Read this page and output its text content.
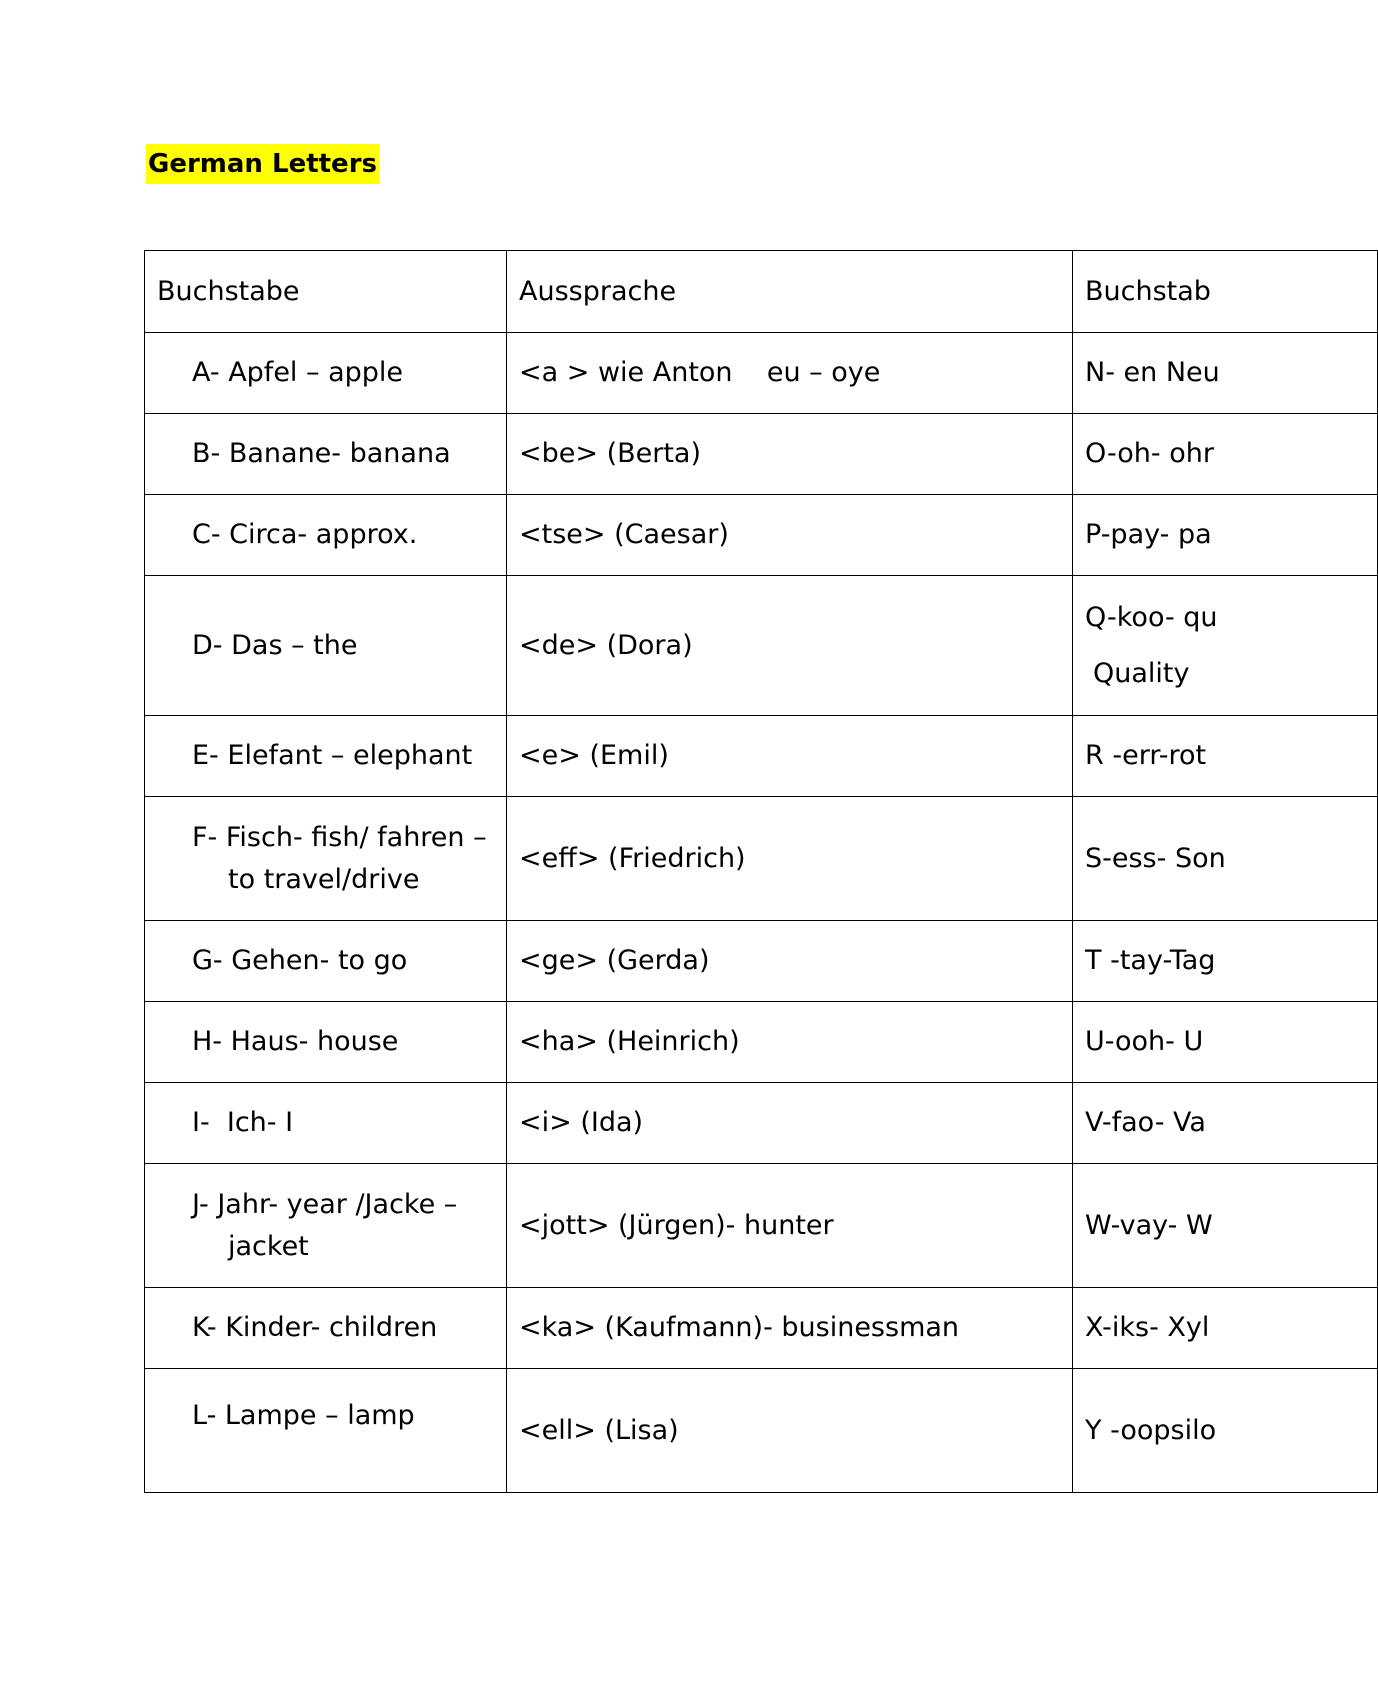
German Letters
Buchstabe	Aussprache	Buchstab

A- Apfel – apple	<a > wie Anton    eu – oye	N- en Neu

B- Banane- banana	<be> (Berta)	O-oh- ohr

C- Circa- approx.	<tse> (Caesar)	P-pay- pa

D- Das – the	<de> (Dora)	Q-koo- qu
Quality

E- Elefant – elephant	<e> (Emil)	R -err-rot

F- Fisch- fish/ fahren – to travel/drive	<eff> (Friedrich)	S-ess- Son

G- Gehen- to go	<ge> (Gerda)	T -tay-Tag

H- Haus- house	<ha> (Heinrich)	U-ooh- U

I-  Ich- I	<i> (Ida)	V-fao- Va

J- Jahr- year /Jacke – jacket	<jott> (Jürgen)- hunter	W-vay- W

K- Kinder- children	<ka> (Kaufmann)- businessman	X-iks- Xyl

L- Lampe – lamp	<ell> (Lisa)	Y -oopsilo
